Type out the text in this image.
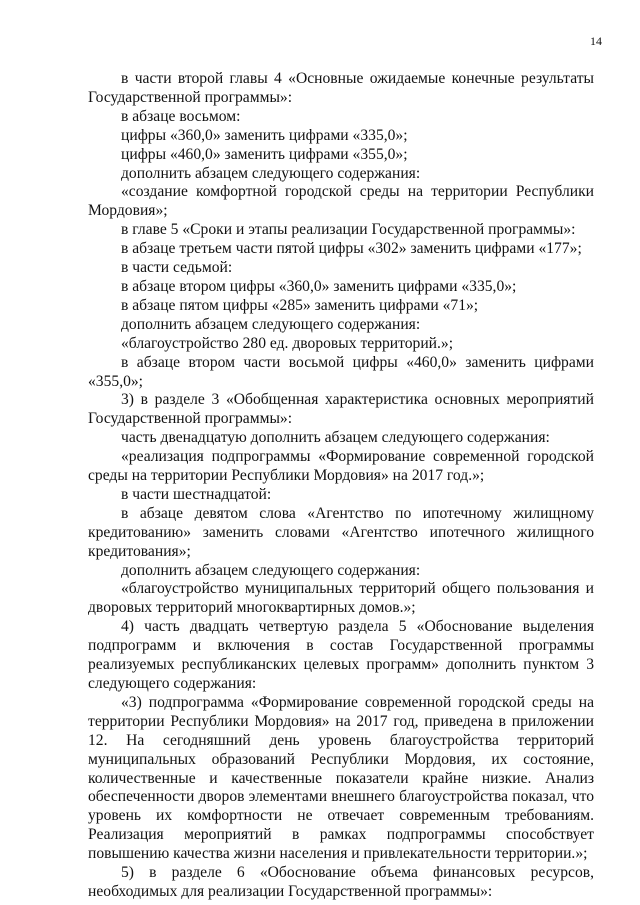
14

в части второй главы 4 «Основные ожидаемые конечные результаты Государственной программы»:

в абзаце восьмом:

цифры «360,0» заменить цифрами «335,0»;

цифры «460,0» заменить цифрами «355,0»;

дополнить абзацем следующего содержания:

«создание комфортной городской среды на территории Республики Мордовия»;

в главе 5 «Сроки и этапы реализации Государственной программы»:

в абзаце третьем части пятой цифры «302» заменить цифрами «177»;

в части седьмой:

в абзаце втором цифры «360,0» заменить цифрами «335,0»;

в абзаце пятом цифры «285» заменить цифрами «71»;

дополнить абзацем следующего содержания:

«благоустройство 280 ед. дворовых территорий.»;

в абзаце втором части восьмой цифры «460,0» заменить цифрами «355,0»;

3) в разделе 3 «Обобщенная характеристика основных мероприятий Государственной программы»:

часть двенадцатую дополнить абзацем следующего содержания:

«реализация подпрограммы «Формирование современной городской среды на территории Республики Мордовия» на 2017 год.»;

в части шестнадцатой:

в абзаце девятом слова «Агентство по ипотечному жилищному кредитованию» заменить словами «Агентство ипотечного жилищного кредитования»;

дополнить абзацем следующего содержания:

«благоустройство муниципальных территорий общего пользования и дворовых территорий многоквартирных домов.»;

4) часть двадцать четвертую раздела 5 «Обоснование выделения подпрограмм и включения в состав Государственной программы реализуемых республиканских целевых программ» дополнить пунктом 3 следующего содержания:

«3) подпрограмма «Формирование современной городской среды на территории Республики Мордовия» на 2017 год, приведена в приложении 12. На сегодняшний день уровень благоустройства территорий муниципальных образований Республики Мордовия, их состояние, количественные и качественные показатели крайне низкие. Анализ обеспеченности дворов элементами внешнего благоустройства показал, что уровень их комфортности не отвечает современным требованиям. Реализация мероприятий в рамках подпрограммы способствует повышению качества жизни населения и привлекательности территории.»;

5) в разделе 6 «Обоснование объема финансовых ресурсов, необходимых для реализации Государственной программы»:
